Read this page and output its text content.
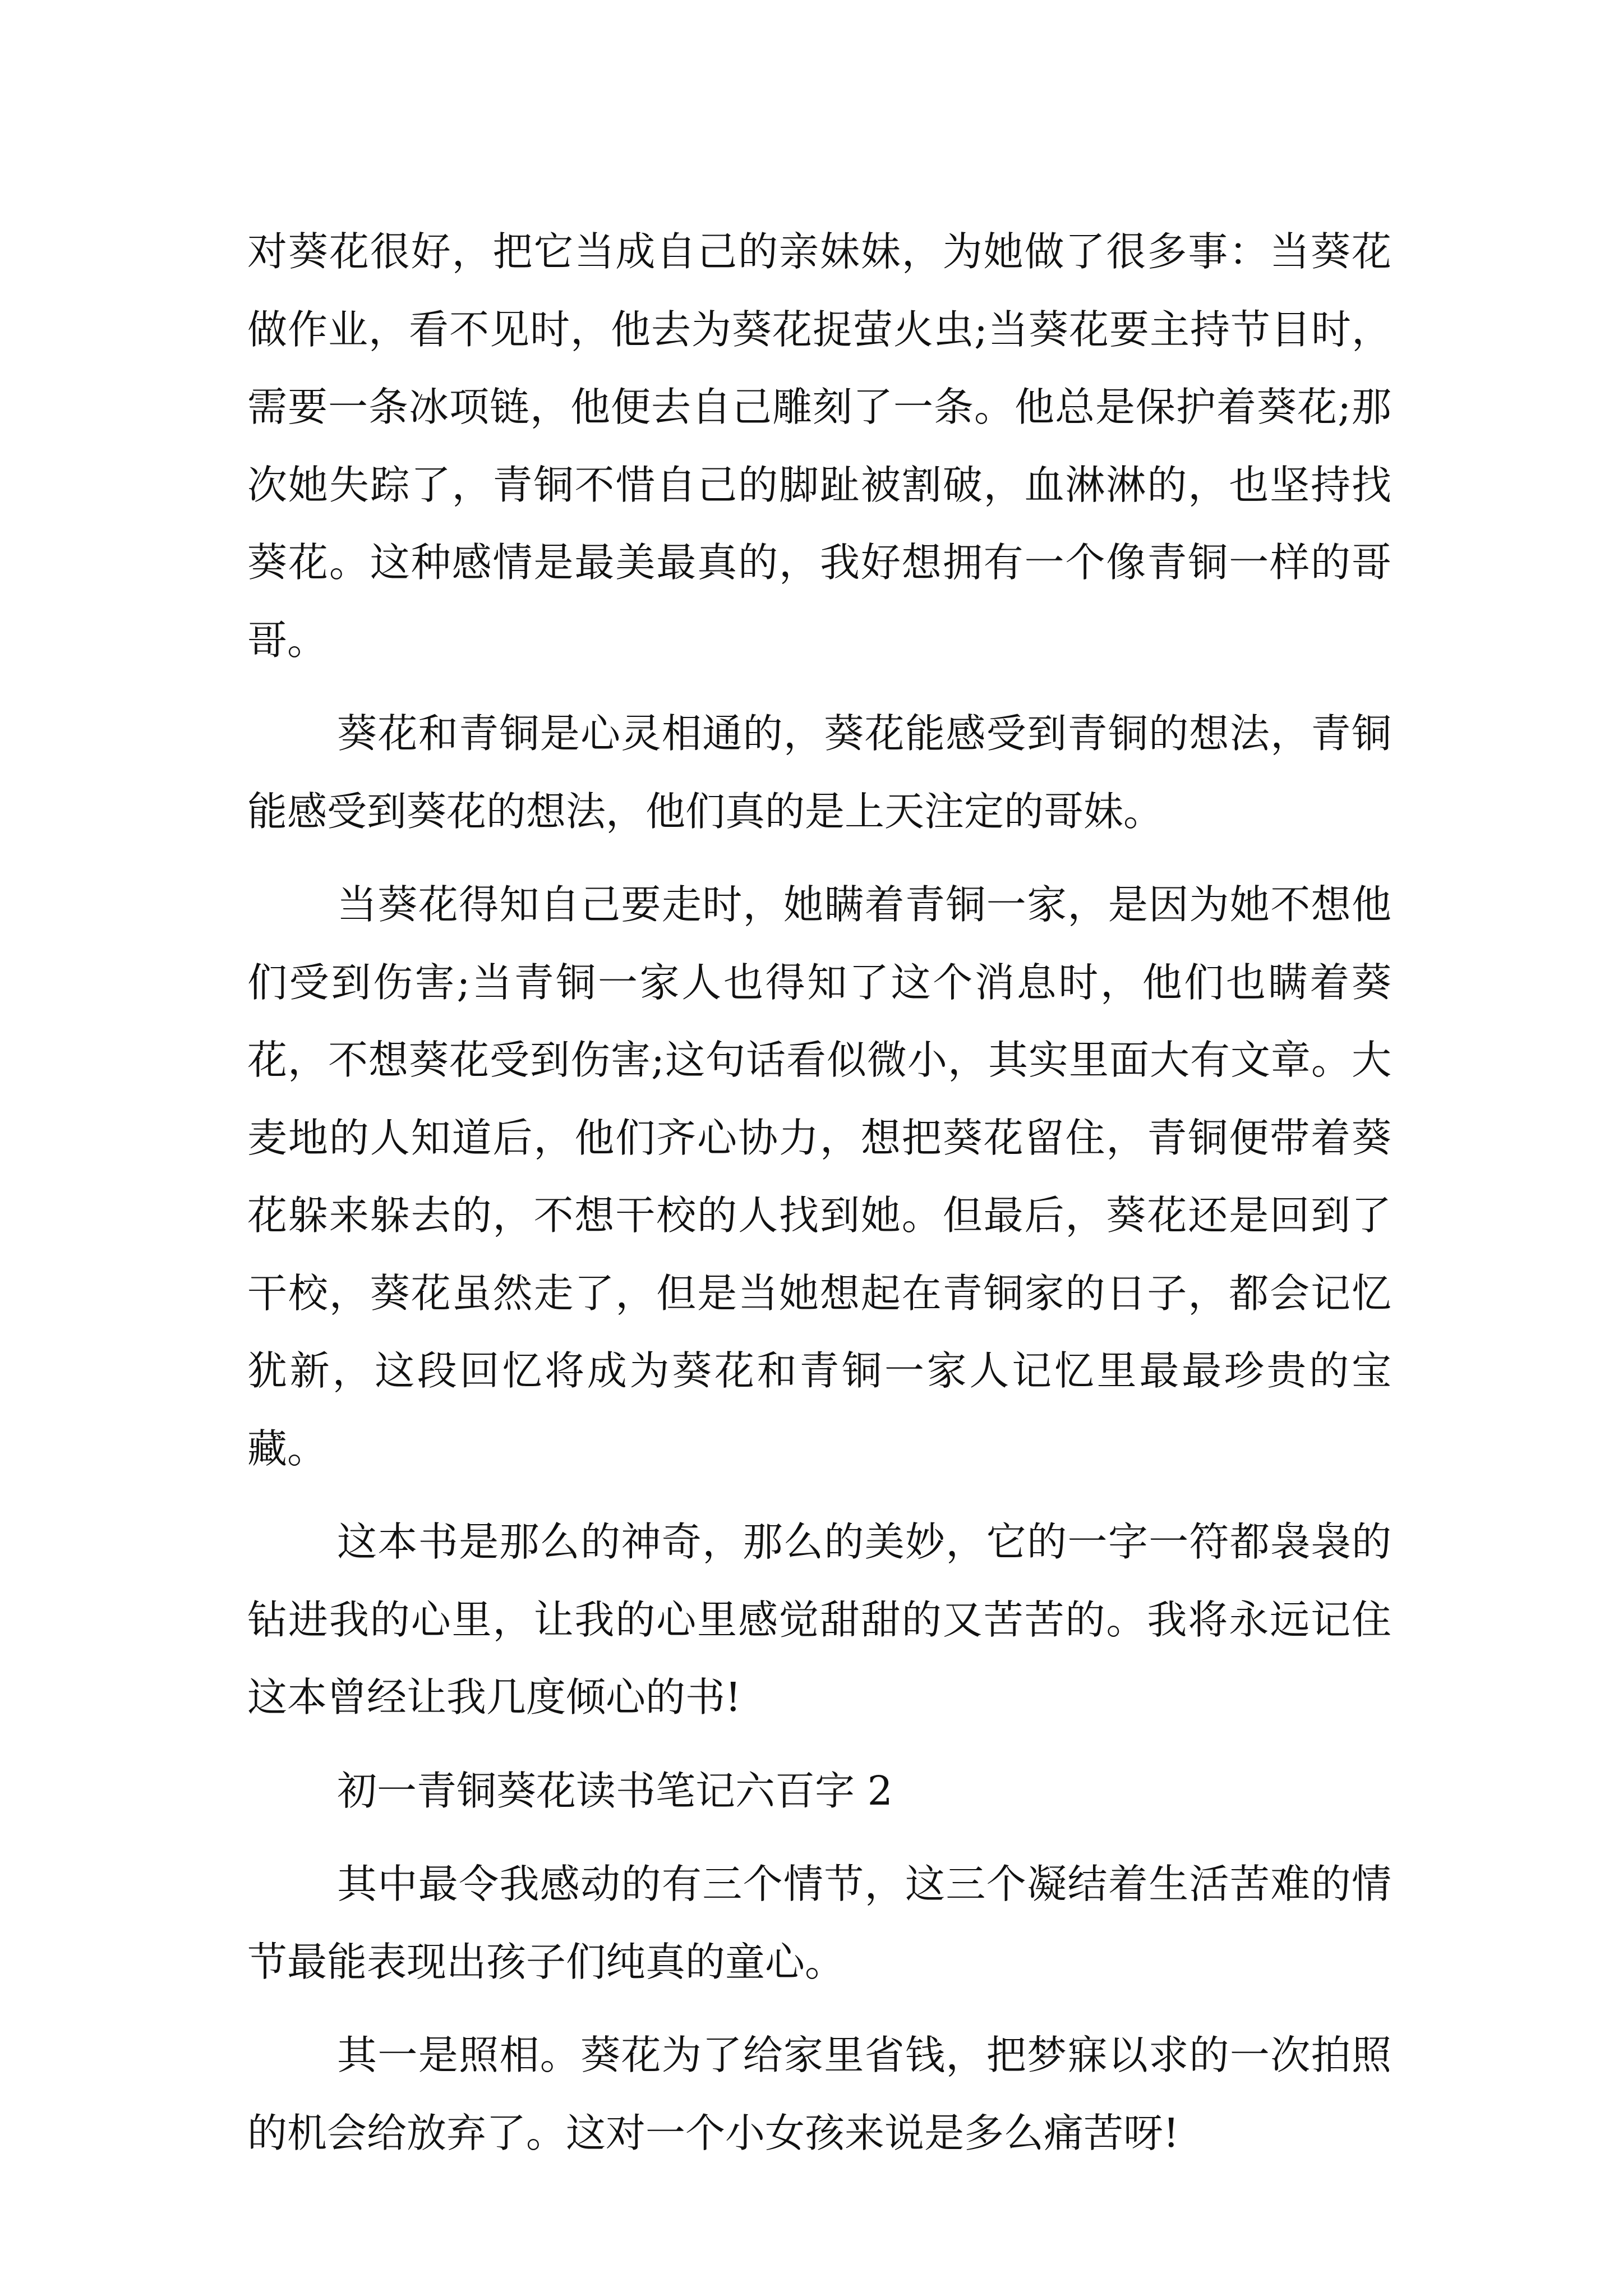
对葵花很好，把它当成自己的亲妹妹，为她做了很多事：当葵花做作业，看不见时，他去为葵花捉萤火虫;当葵花要主持节目时，需要一条冰项链，他便去自己雕刻了一条。他总是保护着葵花;那次她失踪了，青铜不惜自己的脚趾被割破，血淋淋的，也坚持找葵花。这种感情是最美最真的，我好想拥有一个像青铜一样的哥哥。

葵花和青铜是心灵相通的，葵花能感受到青铜的想法，青铜能感受到葵花的想法，他们真的是上天注定的哥妹。

当葵花得知自己要走时，她瞒着青铜一家，是因为她不想他们受到伤害;当青铜一家人也得知了这个消息时，他们也瞒着葵花，不想葵花受到伤害;这句话看似微小，其实里面大有文章。大麦地的人知道后，他们齐心协力，想把葵花留住，青铜便带着葵花躲来躲去的，不想干校的人找到她。但最后，葵花还是回到了干校，葵花虽然走了，但是当她想起在青铜家的日子，都会记忆犹新，这段回忆将成为葵花和青铜一家人记忆里最最珍贵的宝藏。

这本书是那么的神奇，那么的美妙，它的一字一符都袅袅的钻进我的心里，让我的心里感觉甜甜的又苦苦的。我将永远记住这本曾经让我几度倾心的书!

初一青铜葵花读书笔记六百字 2

其中最令我感动的有三个情节，这三个凝结着生活苦难的情节最能表现出孩子们纯真的童心。

其一是照相。葵花为了给家里省钱，把梦寐以求的一次拍照的机会给放弃了。这对一个小女孩来说是多么痛苦呀!
